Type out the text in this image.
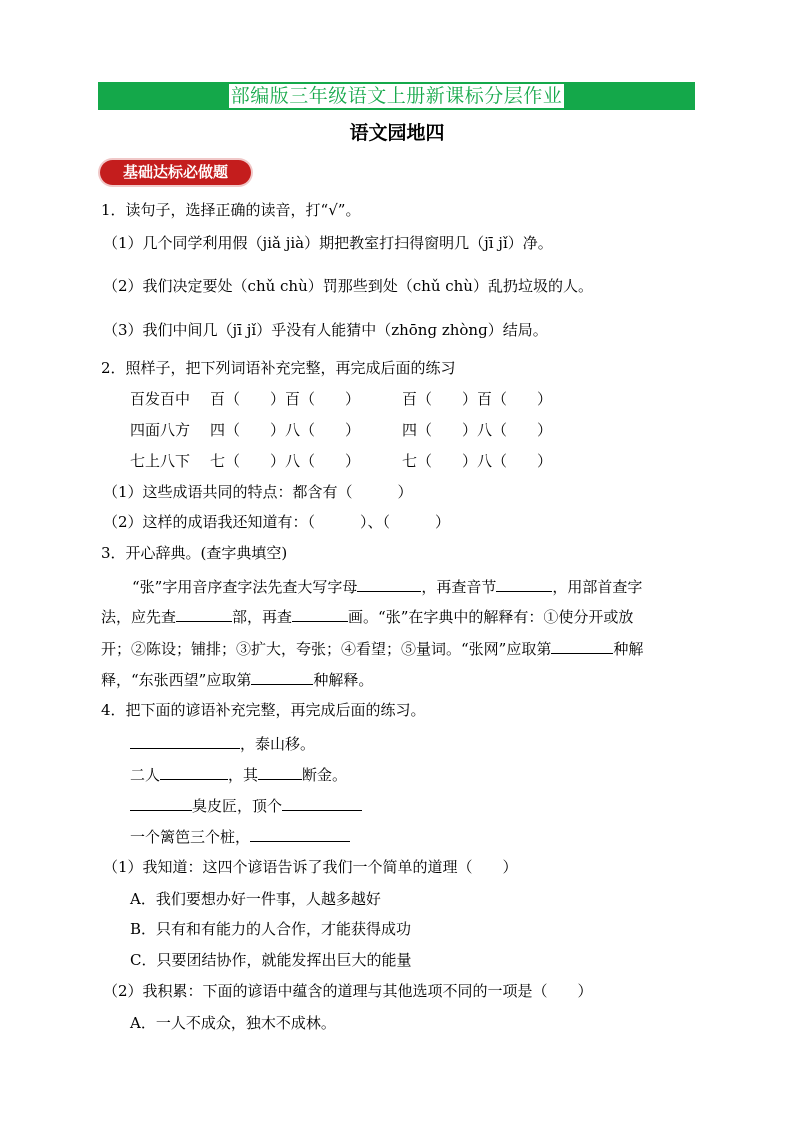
部编版三年级语文上册新课标分层作业
语文园地四
基础达标必做题
1．读句子，选择正确的读音，打“√”。
（1）几个同学利用假（jiǎ jià）期把教室打扫得窗明几（jī jǐ）净。
（2）我们决定要处（chǔ chù）罚那些到处（chǔ chù）乱扔垃圾的人。
（3）我们中间几（jī jǐ）乎没有人能猜中（zhōnɡ zhònɡ）结局。
2．照样子，把下列词语补充完整，再完成后面的练习
百发百中 百（　　）百（　　）	百（　　）百（　　）
四面八方 四（　　）八（　　）	四（　　）八（　　）
七上八下 七（　　）八（　　）	七（　　）八（　　）
（1）这些成语共同的特点：都含有（　　　）
（2）这样的成语我还知道有：（　　　）、（　　　）
3．开心辞典。(查字典填空)
“张”字用音序查字法先查大写字母	，再查音节	，用部首查字
法，应先查	部，再查	画。“张”在字典中的解释有：①使分开或放
开；②陈设；铺排；③扩大，夸张；④看望；⑤量词。“张网”应取第	种解
释，“东张西望”应取第	种解释。
4．把下面的谚语补充完整，再完成后面的练习。
，泰山移。
二人	，其	断金。
臭皮匠，顶个
一个篱笆三个桩，
（1）我知道：这四个谚语告诉了我们一个简单的道理（　　）
A．我们要想办好一件事，人越多越好
B．只有和有能力的人合作，才能获得成功
C．只要团结协作，就能发挥出巨大的能量
（2）我积累：下面的谚语中蕴含的道理与其他选项不同的一项是（　　）
A．一人不成众，独木不成林。
